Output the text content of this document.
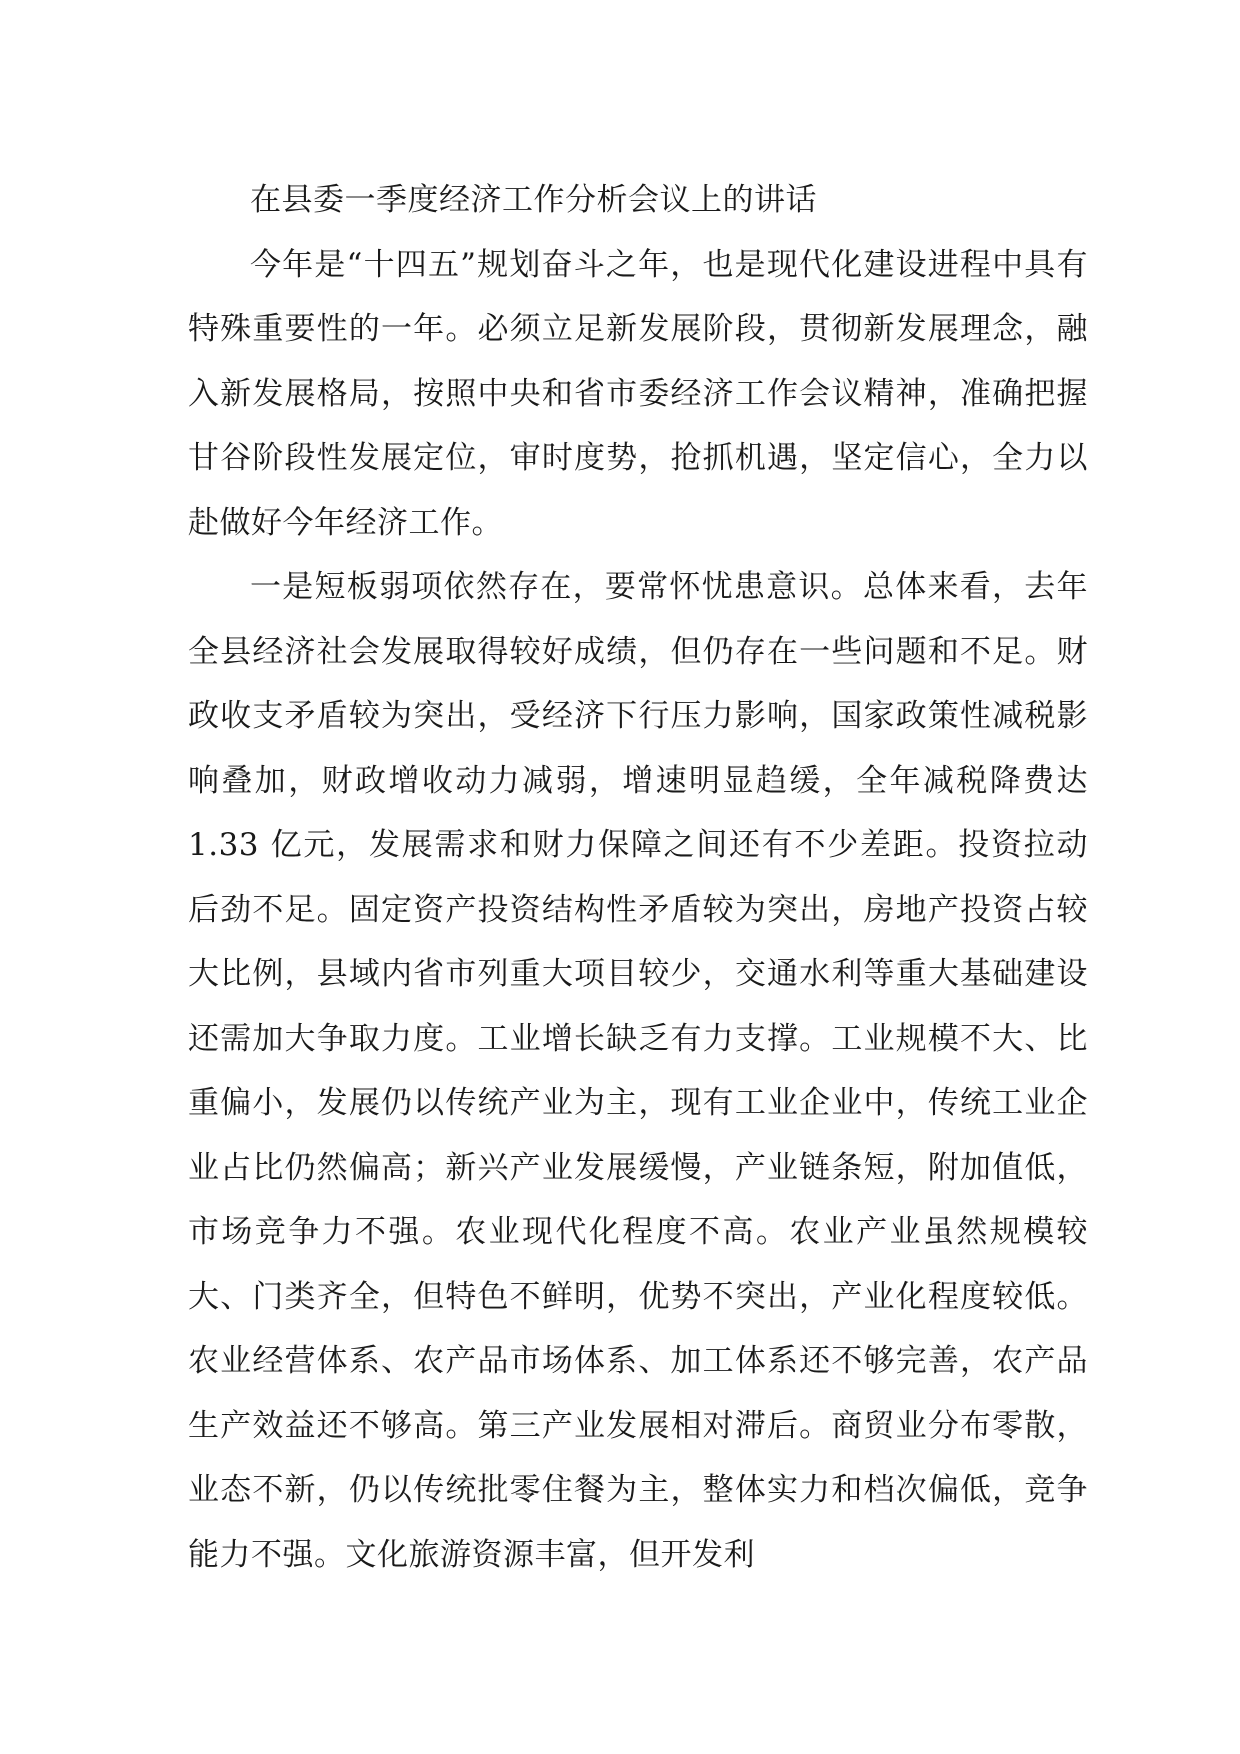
在县委一季度经济工作分析会议上的讲话

今年是“十四五”规划奋斗之年，也是现代化建设进程中具有特殊重要性的一年。必须立足新发展阶段，贯彻新发展理念，融入新发展格局，按照中央和省市委经济工作会议精神，准确把握甘谷阶段性发展定位，审时度势，抢抓机遇，坚定信心，全力以赴做好今年经济工作。

一是短板弱项依然存在，要常怀忧患意识。总体来看，去年全县经济社会发展取得较好成绩，但仍存在一些问题和不足。财政收支矛盾较为突出，受经济下行压力影响，国家政策性减税影响叠加，财政增收动力减弱，增速明显趋缓，全年减税降费达 1.33 亿元，发展需求和财力保障之间还有不少差距。投资拉动后劲不足。固定资产投资结构性矛盾较为突出，房地产投资占较大比例，县域内省市列重大项目较少，交通水利等重大基础建设还需加大争取力度。工业增长缺乏有力支撑。工业规模不大、比重偏小，发展仍以传统产业为主，现有工业企业中，传统工业企业占比仍然偏高；新兴产业发展缓慢，产业链条短，附加值低，市场竞争力不强。农业现代化程度不高。农业产业虽然规模较大、门类齐全，但特色不鲜明，优势不突出，产业化程度较低。农业经营体系、农产品市场体系、加工体系还不够完善，农产品生产效益还不够高。第三产业发展相对滞后。商贸业分布零散，业态不新，仍以传统批零住餐为主，整体实力和档次偏低，竞争能力不强。文化旅游资源丰富，但开发利
